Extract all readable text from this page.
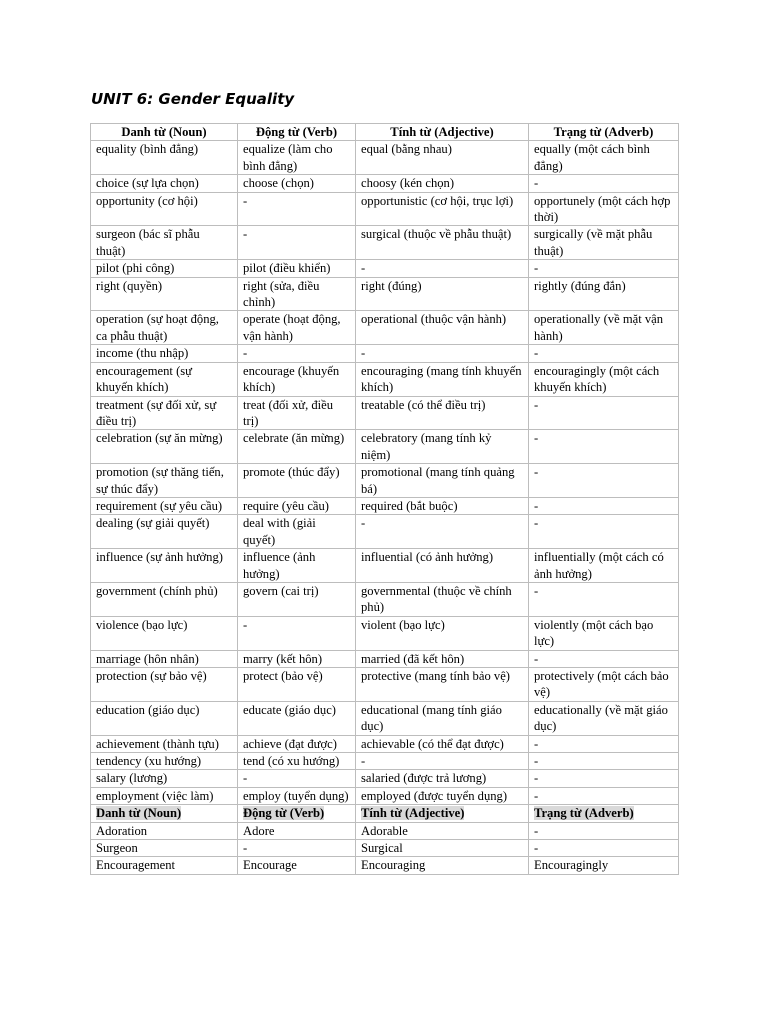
UNIT 6: Gender Equality
Danh từ (Noun)	Động từ (Verb)	Tính từ (Adjective)	Trạng từ (Adverb)
equality (bình đẳng)	equalize (làm cho bình đẳng)	equal (bằng nhau)	equally (một cách bình đẳng)
choice (sự lựa chọn)	choose (chọn)	choosy (kén chọn)	-
opportunity (cơ hội)	-	opportunistic (cơ hội, trục lợi)	opportunely (một cách hợp thời)
surgeon (bác sĩ phẫu thuật)	-	surgical (thuộc về phẫu thuật)	surgically (về mặt phẫu thuật)
pilot (phi công)	pilot (điều khiển)	-	-
right (quyền)	right (sửa, điều chỉnh)	right (đúng)	rightly (đúng đắn)
operation (sự hoạt động, ca phẫu thuật)	operate (hoạt động, vận hành)	operational (thuộc vận hành)	operationally (về mặt vận hành)
income (thu nhập)	-	-	-
encouragement (sự khuyến khích)	encourage (khuyến khích)	encouraging (mang tính khuyến khích)	encouragingly (một cách khuyến khích)
treatment (sự đối xử, sự điều trị)	treat (đối xử, điều trị)	treatable (có thể điều trị)	-
celebration (sự ăn mừng)	celebrate (ăn mừng)	celebratory (mang tính kỷ niệm)	-
promotion (sự thăng tiến, sự thúc đẩy)	promote (thúc đẩy)	promotional (mang tính quảng bá)	-
requirement (sự yêu cầu)	require (yêu cầu)	required (bắt buộc)	-
dealing (sự giải quyết)	deal with (giải quyết)	-	-
influence (sự ảnh hưởng)	influence (ảnh hưởng)	influential (có ảnh hưởng)	influentially (một cách có ảnh hưởng)
government (chính phủ)	govern (cai trị)	governmental (thuộc về chính phủ)	-
violence (bạo lực)	-	violent (bạo lực)	violently (một cách bạo lực)
marriage (hôn nhân)	marry (kết hôn)	married (đã kết hôn)	-
protection (sự bảo vệ)	protect (bảo vệ)	protective (mang tính bảo vệ)	protectively (một cách bảo vệ)
education (giáo dục)	educate (giáo dục)	educational (mang tính giáo dục)	educationally (về mặt giáo dục)
achievement (thành tựu)	achieve (đạt được)	achievable (có thể đạt được)	-
tendency (xu hướng)	tend (có xu hướng)	-	-
salary (lương)	-	salaried (được trả lương)	-
employment (việc làm)	employ (tuyển dụng)	employed (được tuyển dụng)	-
Danh từ (Noun)	Động từ (Verb)	Tính từ (Adjective)	Trạng từ (Adverb)
Adoration	Adore	Adorable	-
Surgeon	-	Surgical	-
Encouragement	Encourage	Encouraging	Encouragingly
